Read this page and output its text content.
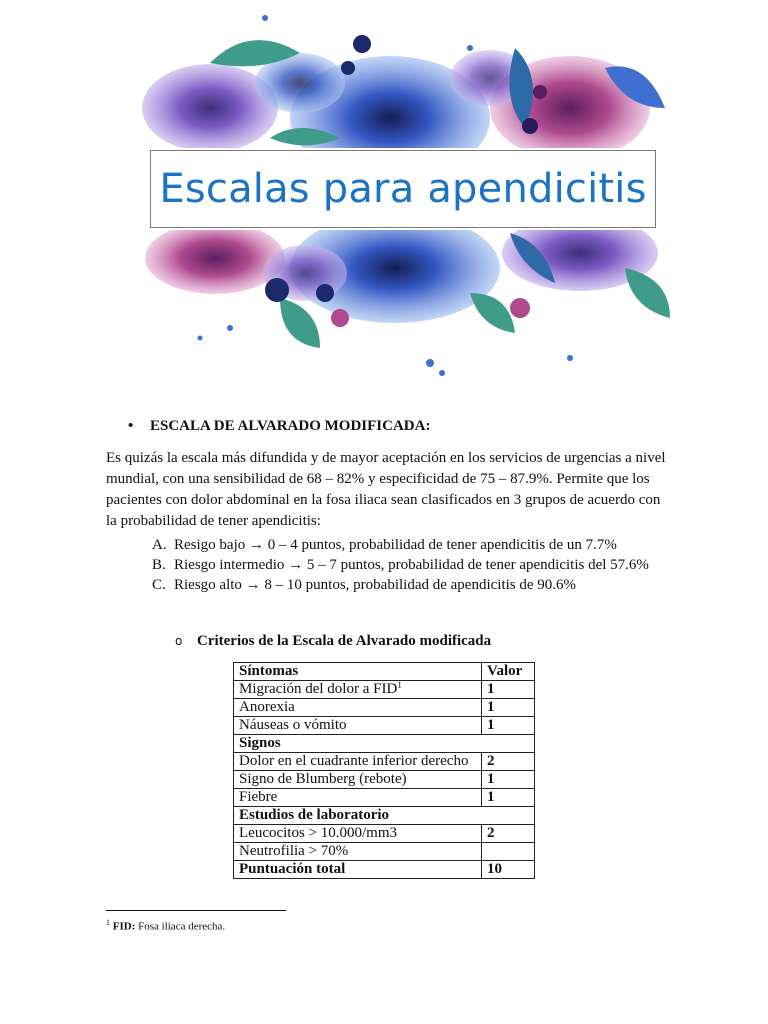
Escalas para apendicitis
• ESCALA DE ALVARADO MODIFICADA:
Es quizás la escala más difundida y de mayor aceptación en los servicios de urgencias a nivel mundial, con una sensibilidad de 68 – 82% y especificidad de 75 – 87.9%. Permite que los pacientes con dolor abdominal en la fosa iliaca sean clasificados en 3 grupos de acuerdo con la probabilidad de tener apendicitis:
A. Resigo bajo → 0 – 4 puntos, probabilidad de tener apendicitis de un 7.7%
B. Riesgo intermedio → 5 – 7 puntos, probabilidad de tener apendicitis del 57.6%
C. Riesgo alto → 8 – 10 puntos, probabilidad de apendicitis de 90.6%
o Criterios de la Escala de Alvarado modificada
Síntomas	Valor
Migración del dolor a FID$^1$	1
Anorexia	1
Náuseas o vómito	1
Signos	
Dolor en el cuadrante inferior derecho	2
Signo de Blumberg (rebote)	1
Fiebre	1
Estudios de laboratorio	
Leucocitos > 10.000/mm3	2
Neutrofilia > 70%	
Puntuación total	10
$^1$ FID: Fosa iliaca derecha.
